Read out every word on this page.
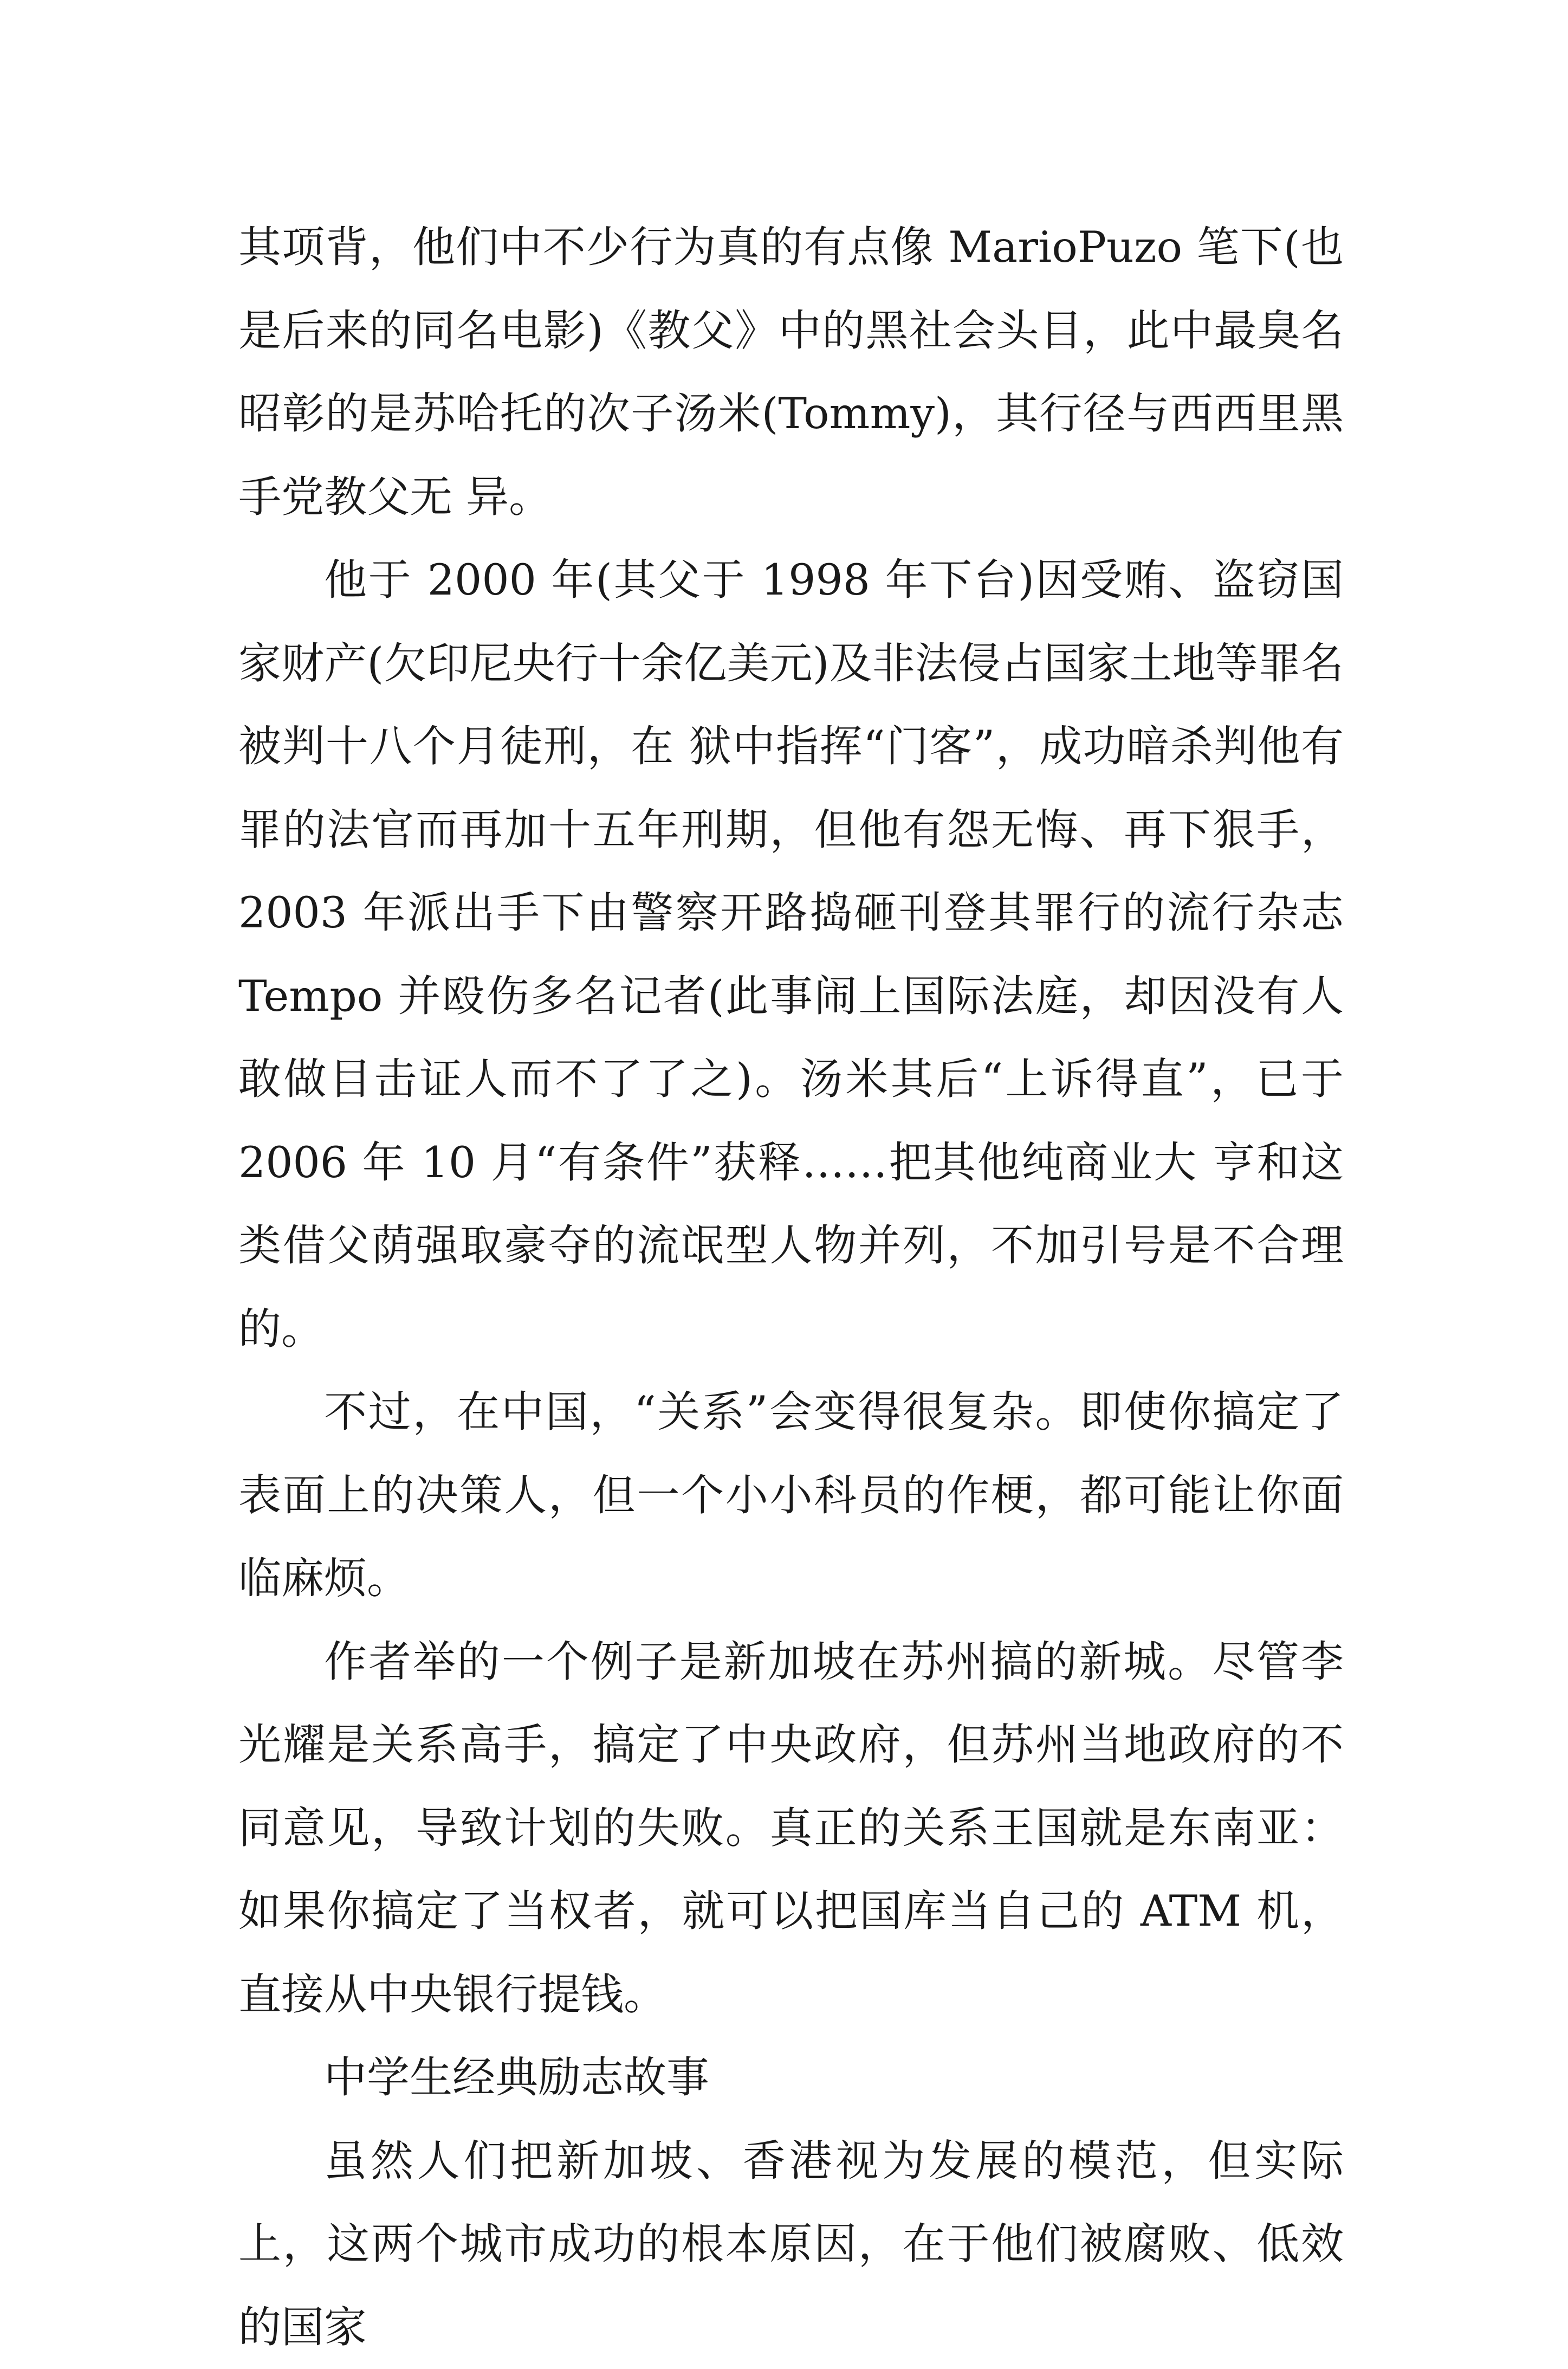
其项背，他们中不少行为真的有点像 MarioPuzo 笔下(也是后来的同名电影)《教父》中的黑社会头目，此中最臭名昭彰的是苏哈托的次子汤米(Tommy)，其行径与西西里黑手党教父无 异。

他于 2000 年(其父于 1998 年下台)因受贿、盗窃国家财产(欠印尼央行十余亿美元)及非法侵占国家土地等罪名被判十八个月徒刑，在 狱中指挥“门客”，成功暗杀判他有罪的法官而再加十五年刑期，但他有怨无悔、再下狠手，2003 年派出手下由警察开路捣砸刊登其罪行的流行杂志 Tempo 并殴伤多名记者(此事闹上国际法庭，却因没有人敢做目击证人而不了了之)。汤米其后“上诉得直”，已于 2006 年 10 月“有条件”获释……把其他纯商业大 亨和这类借父荫强取豪夺的流氓型人物并列，不加引号是不合理的。

不过，在中国，“关系”会变得很复杂。即使你搞定了表面上的决策人，但一个小小科员的作梗，都可能让你面临麻烦。

作者举的一个例子是新加坡在苏州搞的新城。尽管李光耀是关系高手，搞定了中央政府，但苏州当地政府的不同意见，导致计划的失败。真正的关系王国就是东南亚：如果你搞定了当权者，就可以把国库当自己的 ATM 机，直接从中央银行提钱。

中学生经典励志故事

虽然人们把新加坡、香港视为发展的模范，但实际上，这两个城市成功的根本原因，在于他们被腐败、低效的国家
